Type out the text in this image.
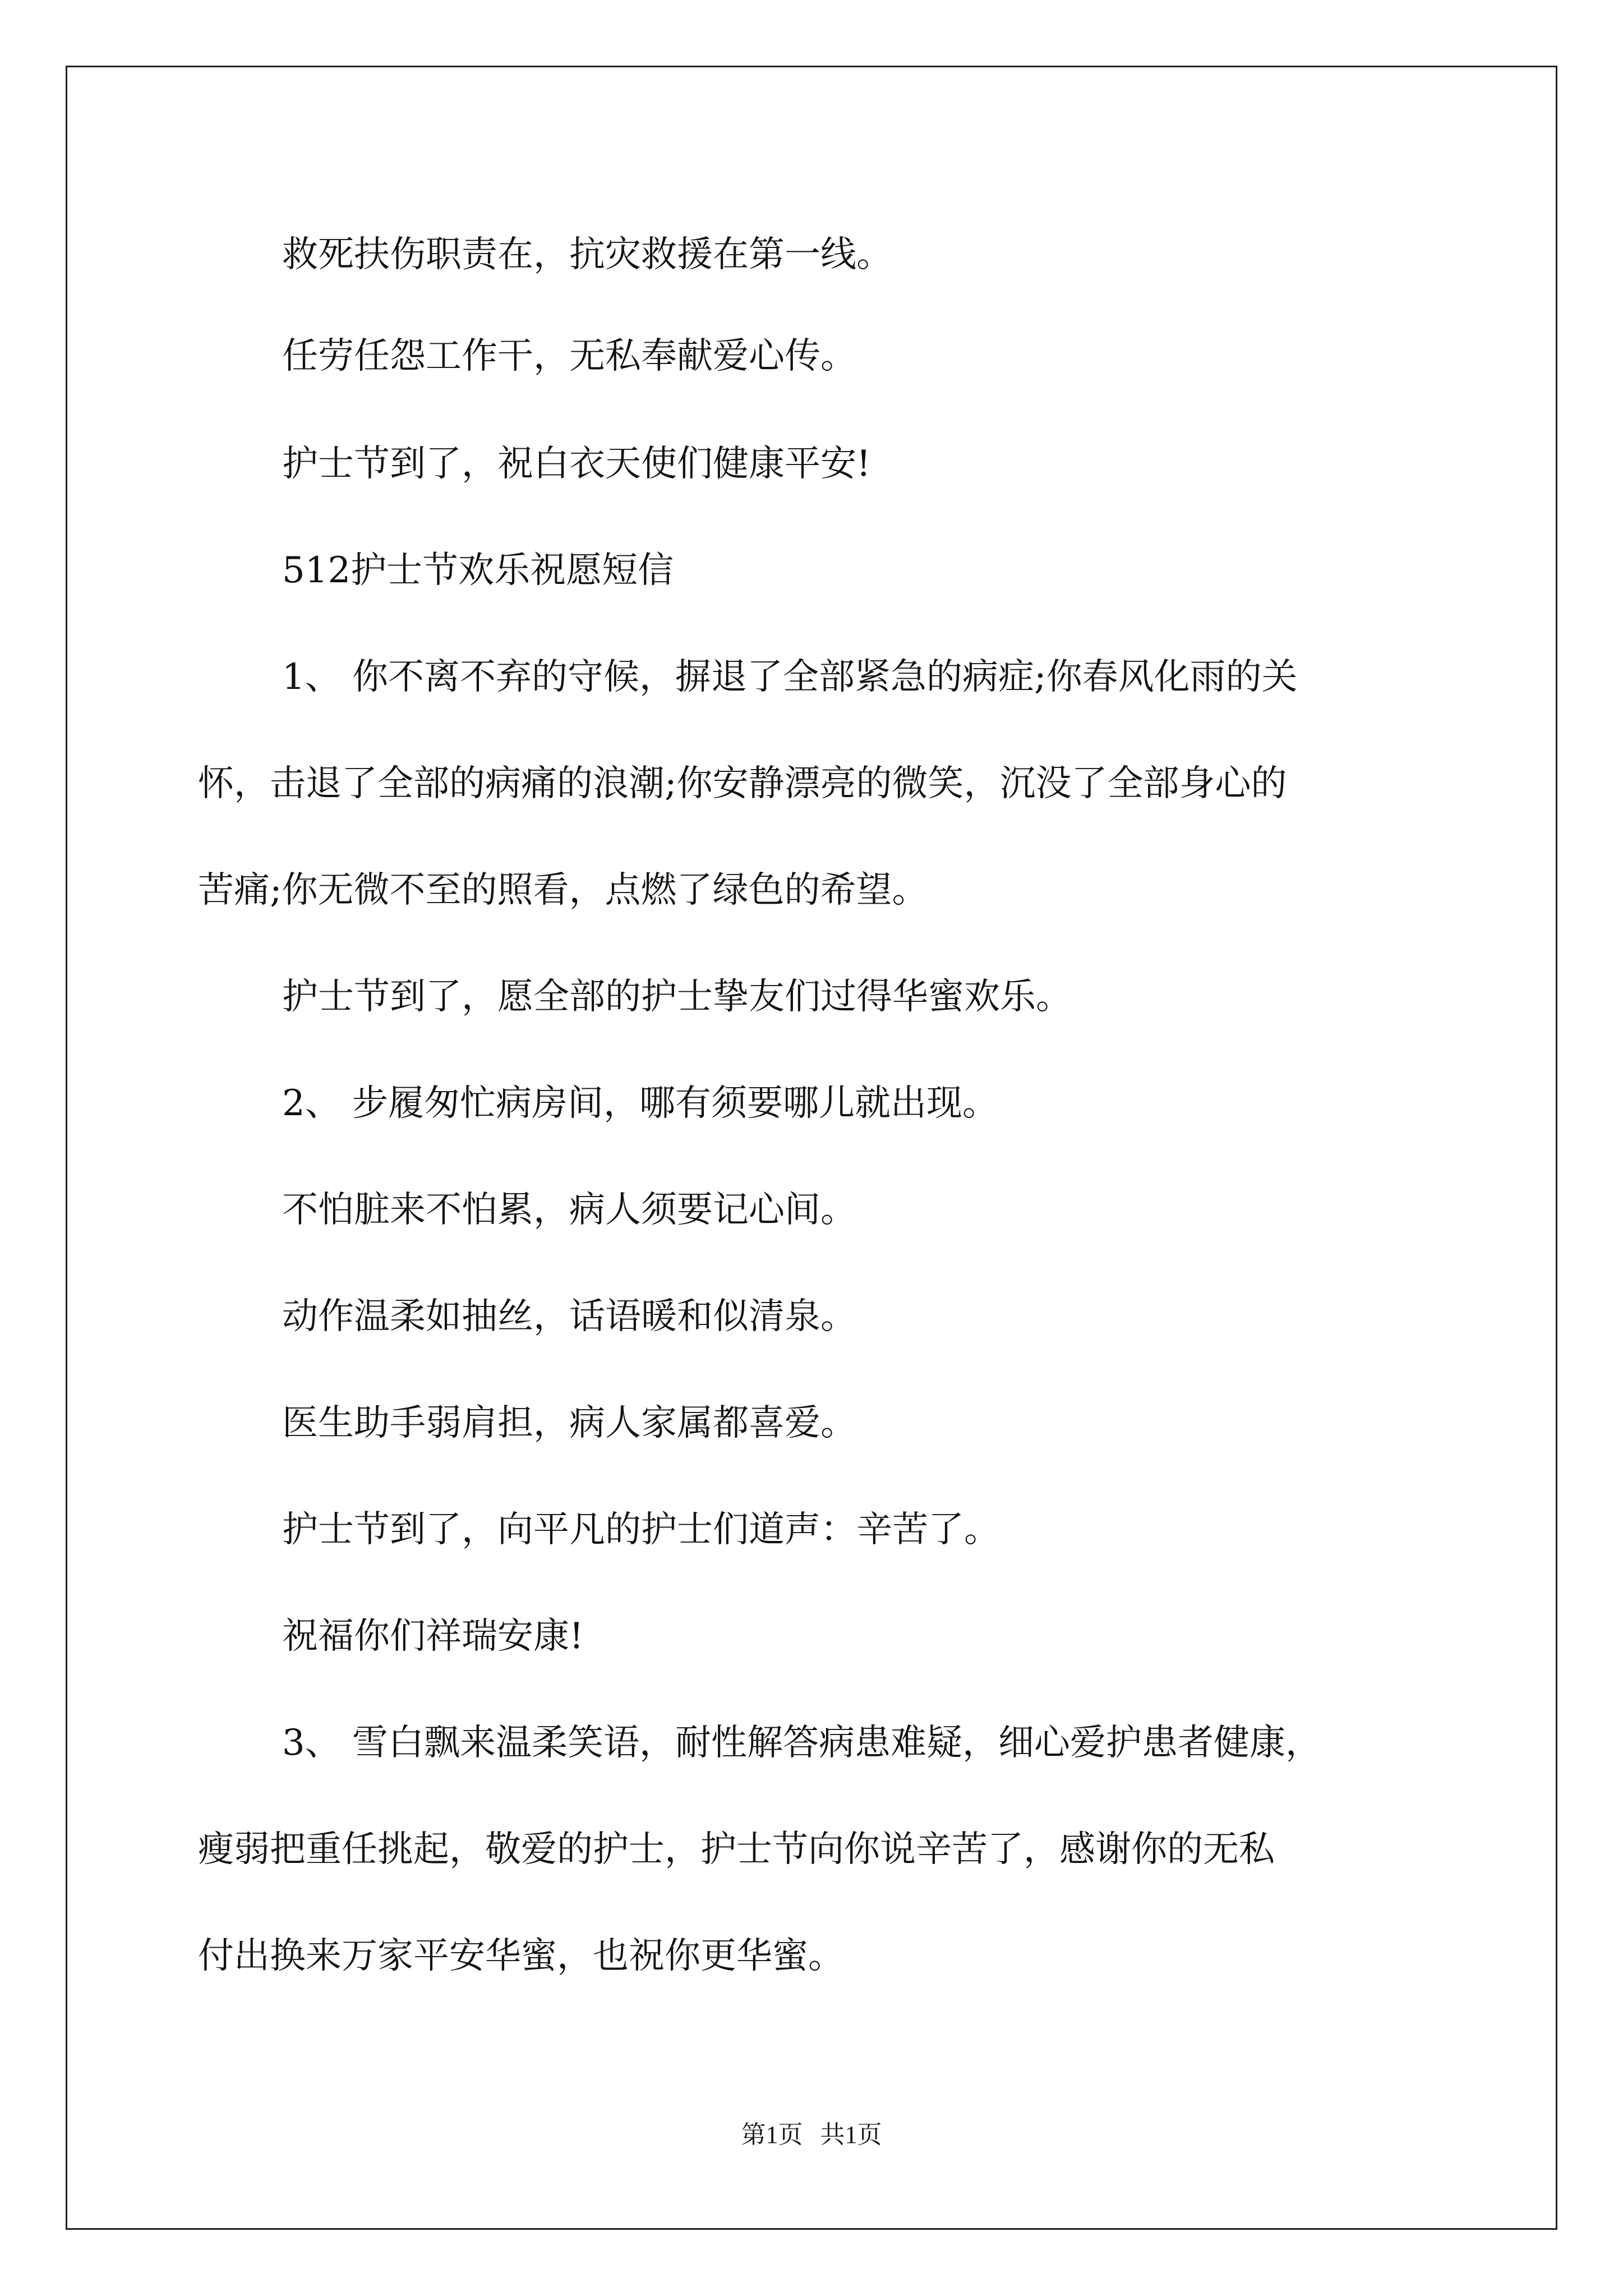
救死扶伤职责在，抗灾救援在第一线。
任劳任怨工作干，无私奉献爱心传。
护士节到了，祝白衣天使们健康平安!
512护士节欢乐祝愿短信
1、 你不离不弃的守候，摒退了全部紧急的病症;你春风化雨的关
怀，击退了全部的病痛的浪潮;你安静漂亮的微笑，沉没了全部身心的
苦痛;你无微不至的照看，点燃了绿色的希望。
护士节到了，愿全部的护士挚友们过得华蜜欢乐。
2、 步履匆忙病房间，哪有须要哪儿就出现。
不怕脏来不怕累，病人须要记心间。
动作温柔如抽丝，话语暖和似清泉。
医生助手弱肩担，病人家属都喜爱。
护士节到了，向平凡的护士们道声：辛苦了。
祝福你们祥瑞安康!
3、 雪白飘来温柔笑语，耐性解答病患难疑，细心爱护患者健康，
瘦弱把重任挑起，敬爱的护士，护士节向你说辛苦了，感谢你的无私
付出换来万家平安华蜜，也祝你更华蜜。
第1页 共1页
